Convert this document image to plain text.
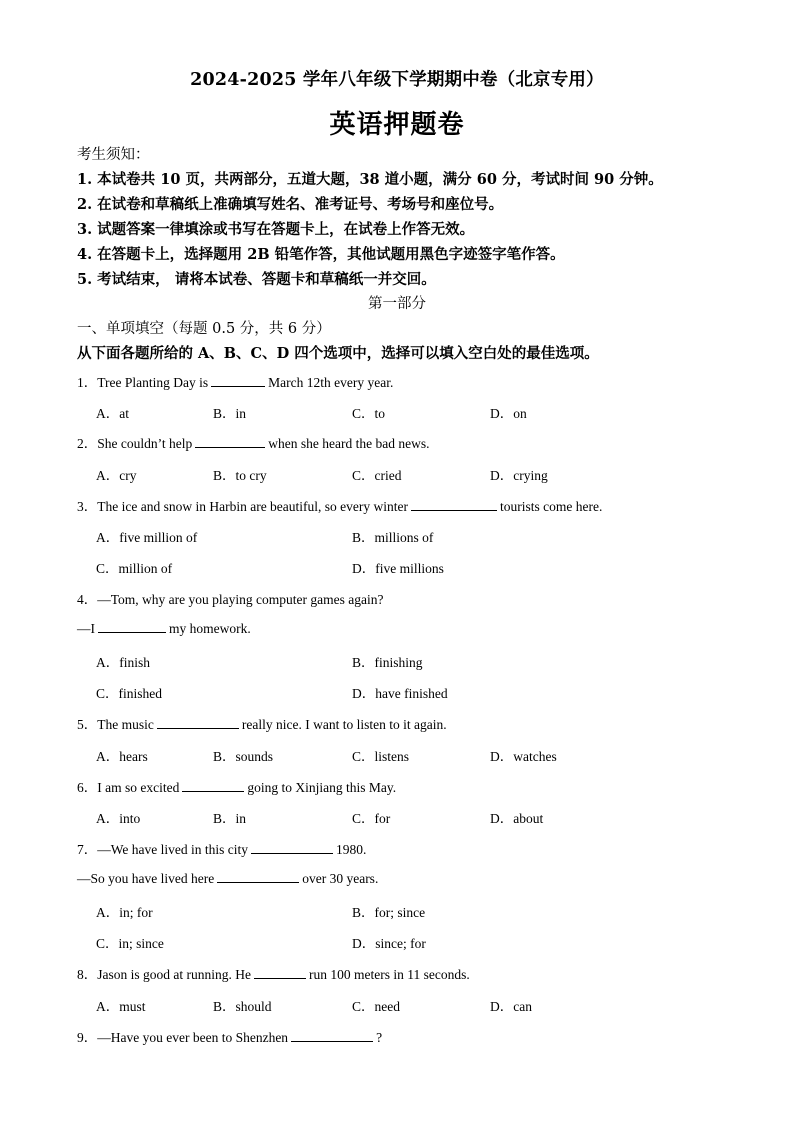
2024-2025 学年八年级下学期期中卷（北京专用）
英语押题卷
考生须知：
1. 本试卷共 10 页，共两部分，五道大题，38 道小题，满分 60 分，考试时间 90 分钟。
2. 在试卷和草稿纸上准确填写姓名、准考证号、考场号和座位号。
3. 试题答案一律填涂或书写在答题卡上，在试卷上作答无效。
4. 在答题卡上，选择题用 2B 铅笔作答，其他试题用黑色字迹签字笔作答。
5. 考试结束， 请将本试卷、答题卡和草稿纸一并交回。
第一部分
一、单项填空（每题 0.5 分，共 6 分）
从下面各题所给的 A、B、C、D 四个选项中，选择可以填入空白处的最佳选项。
1．Tree Planting Day is	March 12th every year.
A．at	B．in	C．to	D．on
2．She couldn’t help	when she heard the bad news.
A．cry	B．to cry	C．cried	D．crying
3．The ice and snow in Harbin are beautiful, so every winter	tourists come here.
A．five million of	B．millions of
C．million of	D．five millions
4．—Tom, why are you playing computer games again?
—I	my homework.
A．finish	B．finishing
C．finished	D．have finished
5．The music	really nice. I want to listen to it again.
A．hears	B．sounds	C．listens	D．watches
6．I am so excited	going to Xinjiang this May.
A．into	B．in	C．for	D．about
7．—We have lived in this city	1980.
—So you have lived here	over 30 years.
A．in; for	B．for; since
C．in; since	D．since; for
8．Jason is good at running. He	run 100 meters in 11 seconds.
A．must	B．should	C．need	D．can
9．—Have you ever been to Shenzhen	?
